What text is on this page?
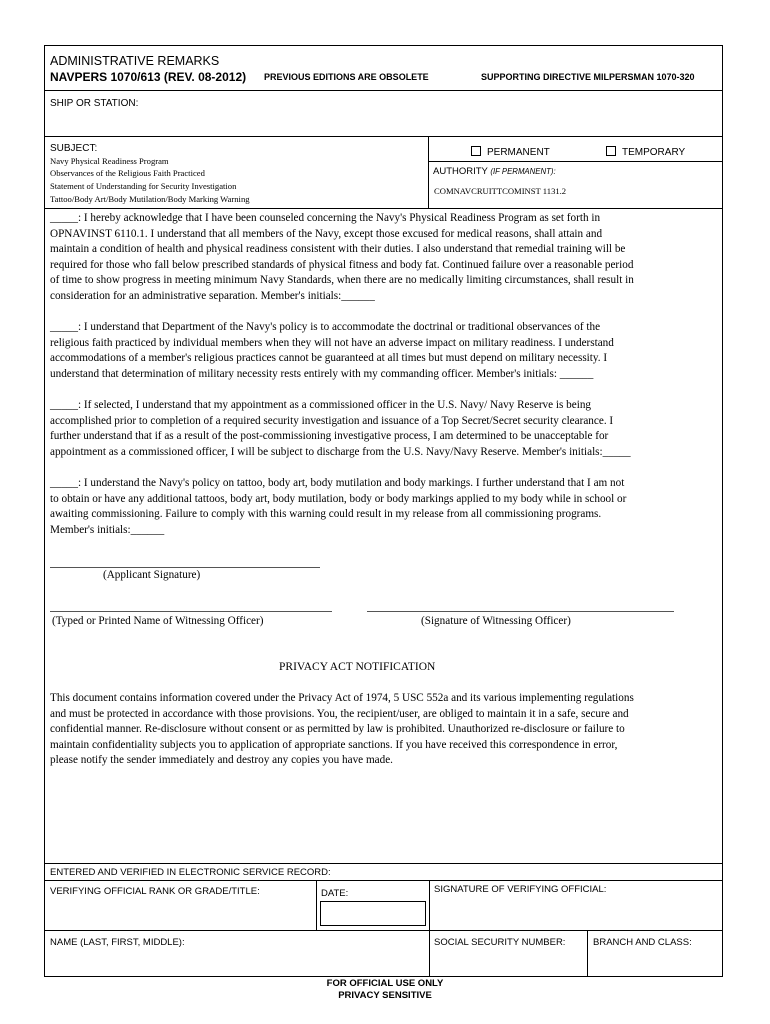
ADMINISTRATIVE REMARKS
NAVPERS 1070/613 (REV. 08-2012) PREVIOUS EDITIONS ARE OBSOLETE	SUPPORTING DIRECTIVE MILPERSMAN 1070-320
SHIP OR STATION:
SUBJECT:
Navy Physical Readiness Program
Observances of the Religious Faith Practiced
Statement of Understanding for Security Investigation
Tattoo/Body Art/Body Mutilation/Body Marking Warning
PERMANENT	TEMPORARY
AUTHORITY (IF PERMANENT):
COMNAVCRUITTCOMINST 1131.2
_____: I hereby acknowledge that I have been counseled concerning the Navy's Physical Readiness Program as set forth in
OPNAVINST 6110.1. I understand that all members of the Navy, except those excused for medical reasons, shall attain and
maintain a condition of health and physical readiness consistent with their duties. I also understand that remedial training will be
required for those who fall below prescribed standards of physical fitness and body fat. Continued failure over a reasonable period
of time to show progress in meeting minimum Navy Standards, when there are no medically limiting circumstances, shall result in
consideration for an administrative separation. Member's initials:______
_____: I understand that Department of the Navy's policy is to accommodate the doctrinal or traditional observances of the
religious faith practiced by individual members when they will not have an adverse impact on military readiness. I understand
accommodations of a member's religious practices cannot be guaranteed at all times but must depend on military necessity. I
understand that determination of military necessity rests entirely with my commanding officer. Member's initials: ______
_____: If selected, I understand that my appointment as a commissioned officer in the U.S. Navy/ Navy Reserve is being
accomplished prior to completion of a required security investigation and issuance of a Top Secret/Secret security clearance. I
further understand that if as a result of the post-commissioning investigative process, I am determined to be unacceptable for
appointment as a commissioned officer, I will be subject to discharge from the U.S. Navy/Navy Reserve. Member's initials:_____
_____: I understand the Navy's policy on tattoo, body art, body mutilation and body markings. I further understand that I am not
to obtain or have any additional tattoos, body art, body mutilation, body or body markings applied to my body while in school or
awaiting commissioning. Failure to comply with this warning could result in my release from all commissioning programs.
Member's initials:______
(Applicant Signature)
(Typed or Printed Name of Witnessing Officer)	(Signature of Witnessing Officer)
PRIVACY ACT NOTIFICATION
This document contains information covered under the Privacy Act of 1974, 5 USC 552a and its various implementing regulations
and must be protected in accordance with those provisions. You, the recipient/user, are obliged to maintain it in a safe, secure and
confidential manner. Re-disclosure without consent or as permitted by law is prohibited. Unauthorized re-disclosure or failure to
maintain confidentiality subjects you to application of appropriate sanctions. If you have received this correspondence in error,
please notify the sender immediately and destroy any copies you have made.
ENTERED AND VERIFIED IN ELECTRONIC SERVICE RECORD:
VERIFYING OFFICIAL RANK OR GRADE/TITLE:	DATE:	SIGNATURE OF VERIFYING OFFICIAL:
NAME (LAST, FIRST, MIDDLE):	SOCIAL SECURITY NUMBER:	BRANCH AND CLASS:
FOR OFFICIAL USE ONLY
PRIVACY SENSITIVE
